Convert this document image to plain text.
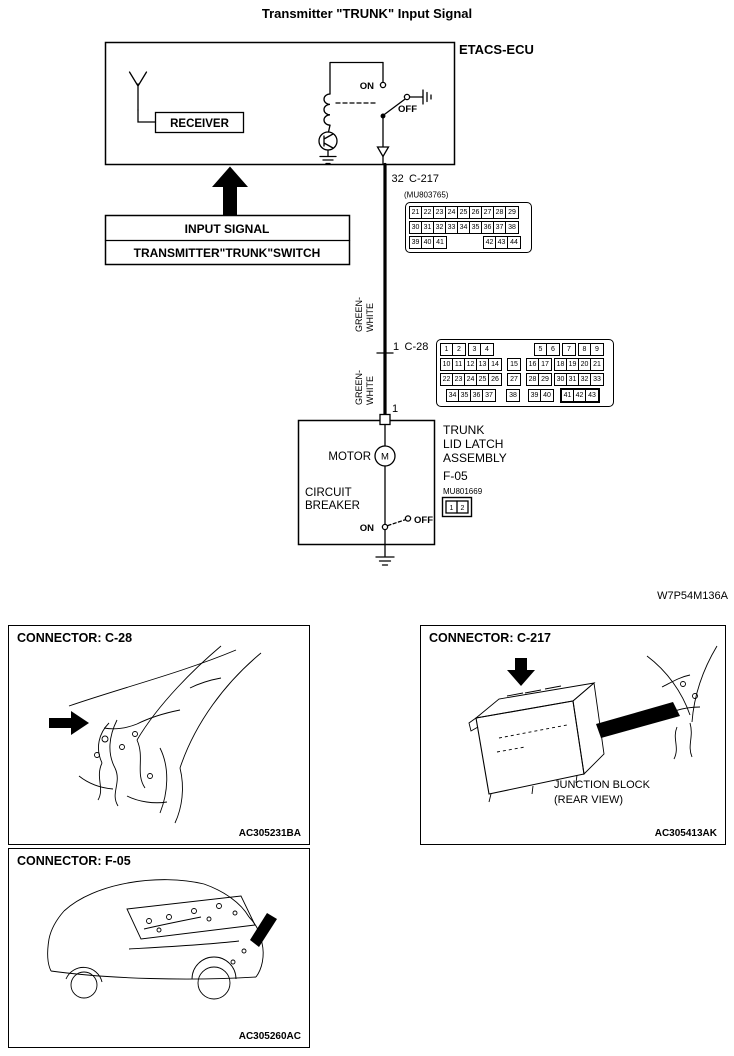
Transmitter "TRUNK" Input Signal
ETACS-ECU
RECEIVER
ON
OFF
32 C-217
(MU803765)
INPUT SIGNAL
TRANSMITTER"TRUNK"SWITCH
GREEN- WHITE
GREEN- WHITE
1 C-28
1
MOTOR M
CIRCUIT
BREAKER
ON
OFF
TRUNK
LID LATCH
ASSEMBLY
F-05
MU801669
1 2
21 22 23 24 25 26 27 28 29
30 31 32 33 34 35 36 37 38
39 40 41	42 43 44
1	2	3	4	5	6	7	8	9
10 11 12 13 14	15	16 17	18 19 20 21
22 23 24 25 26	27	28 29	30 31 32 33
34 35 36 37	38	39 40	41 42 43
W7P54M136A
CONNECTOR: C-28
AC305231BA
CONNECTOR: C-217
JUNCTION BLOCK
(REAR VIEW)
AC305413AK
CONNECTOR: F-05
AC305260AC
